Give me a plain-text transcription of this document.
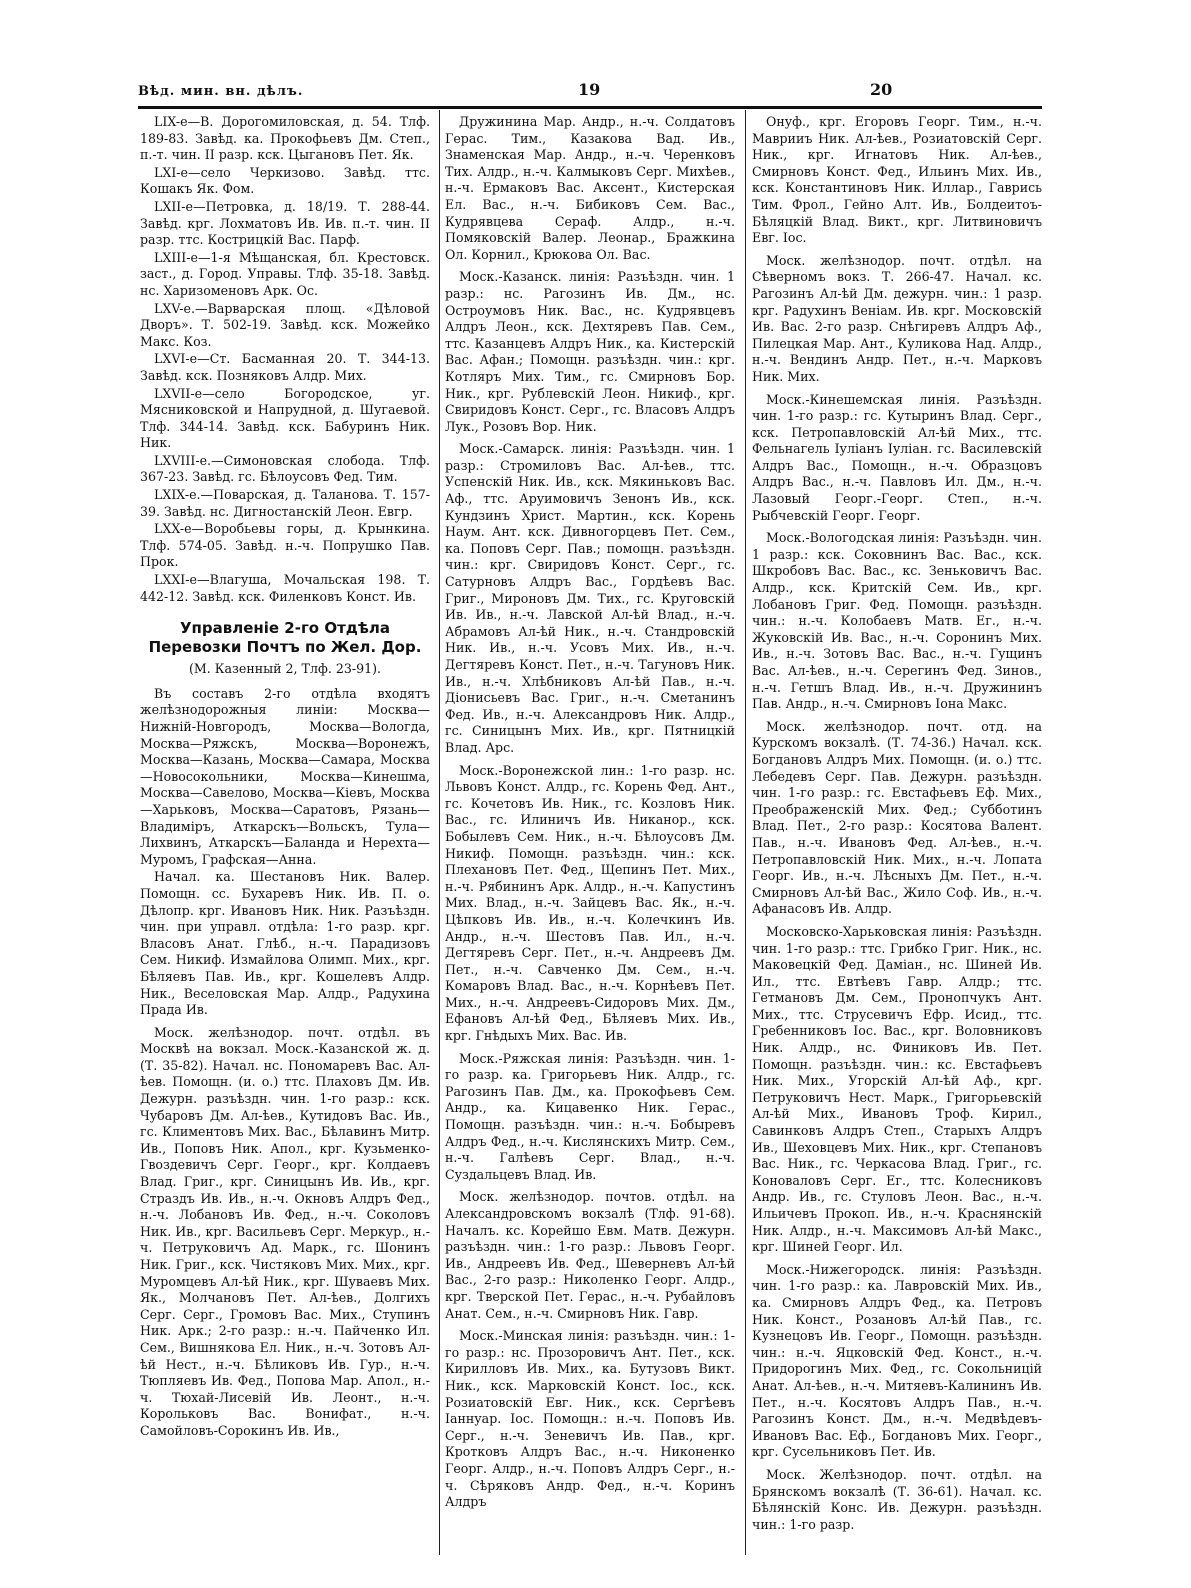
Вѣд. мин. вн. дѣлъ.	19	20
LIX-е—В. Дорогомиловская, д. 54. Тлф. 189-83. Завѣд. ка. Прокофьевъ Дм. Степ., п.-т. чин. II разр. кск. Цыгановъ Пет. Як.
LXI-е—село Черкизово. Завѣд. ттс. Кошакъ Як. Фом.
LXII-е—Петровка, д. 18/19. Т. 288-44. Завѣд. крг. Лохматовъ Ив. Ив. п.-т. чин. II разр. ттс. Кострицкій Вас. Парф.
LXIII-е—1-я Мѣщанская, бл. Крестовск. заст., д. Город. Управы. Тлф. 35-18. Завѣд. нс. Харизоменовъ Арк. Ос.
LXV-е.—Варварская площ. «Дѣловой Дворъ». Т. 502-19. Завѣд. кск. Можейко Макс. Коз.
LXVI-е—Ст. Басманная 20. Т. 344-13. Завѣд. кск. Позняковъ Алдр. Мих.
LXVII-е—село Богородское, уг. Мясниковской и Напрудной, д. Шугаевой. Тлф. 344-14. Завѣд. кск. Бабуринъ Ник. Ник.
LXVIII-е.—Симоновская слобода. Тлф. 367-23. Завѣд. гс. Бѣлоусовъ Фед. Тим.
LXIX-е.—Поварская, д. Таланова. Т. 157-39. Завѣд. нс. Дигностанскій Леон. Евгр.
LXX-е—Воробьевы горы, д. Крынкина. Тлф. 574-05. Завѣд. н.-ч. Попрушко Пав. Прок.
LXXI-е—Влагуша, Мочальская 198. Т. 442-12. Завѣд. кск. Филенковъ Конст. Ив.
Управленіе 2-го Отдѣла Перевозки Почтъ по Жел. Дор.
(М. Казенный 2, Тлф. 23-91).
Въ составъ 2-го отдѣла входятъ желѣзнодорожныя линіи: Москва—Нижній-Новгородъ, Москва—Вологда, Москва—Ряжскъ, Москва—Воронежъ, Москва—Казань, Москва—Самара, Москва—Новосокольники, Москва—Кинешма, Москва—Савелово, Москва—Кіевъ, Москва—Харьковъ, Москва—Саратовъ, Рязань—Владиміръ, Аткарскъ—Вольскъ, Тула—Лихвинъ, Аткарскъ—Баланда и Нерехта—Муромъ, Графская—Анна.
Начал. ка. Шестановъ Ник. Валер. Помощн. сс. Бухаревъ Ник. Ив. П. о. Дѣлопр. крг. Ивановъ Ник. Ник. Разъѣздн. чин. при управл. отдѣла: 1-го разр. крг. Власовъ Анат. Глѣб., н.-ч. Парадизовъ Сем. Никиф. Измайлова Олимп. Мих., крг. Бѣляевъ Пав. Ив., крг. Кошелевъ Алдр. Ник., Веселовская Мар. Алдр., Радухина Прада Ив.
Моск. желѣзнодор. почт. отдѣл. въ Москвѣ на вокзал. Моск.-Казанской ж. д. (Т. 35-82). Начал. нс. Пономаревъ Вас. Ал-ѣев. Помощн. (и. о.) ттс. Плаховъ Дм. Ив. Дежурн. разъѣздн. чин. 1-го разр.: кск. Чубаровъ Дм. Ал-ѣев., Кутидовъ Вас. Ив., гс. Климентовъ Мих. Вас., Бѣлавинъ Митр. Ив., Поповъ Ник. Апол., крг. Кузьменко-Гвоздевичъ Серг. Георг., крг. Колдаевъ Влад. Григ., крг. Синицынъ Ив. Ив., крг. Страздъ Ив. Ив., н.-ч. Окновъ Алдръ Фед., н.-ч. Лобановъ Ив. Фед., н.-ч. Соколовъ Ник. Ив., крг. Васильевъ Серг. Меркур., н.-ч. Петруковичъ Ад. Марк., гс. Шонинъ Ник. Григ., кск. Чистяковъ Мих. Мих., крг. Муромцевъ Ал-ѣй Ник., крг. Шуваевъ Мих. Як., Молчановъ Пет. Ал-ѣев., Долгихъ Серг. Серг., Громовъ Вас. Мих., Ступинъ Ник. Арк.; 2-го разр.: н.-ч. Пайченко Ил. Сем., Вишнякова Ел. Ник., н.-ч. Зотовъ Ал-ѣй Нест., н.-ч. Бѣликовъ Ив. Гур., н.-ч. Тюпляевъ Ив. Фед., Попова Мар. Апол., н.-ч. Тюхай-Лисевій Ив. Леонт., н.-ч. Корольковъ Вас. Вонифат., н.-ч. Самойловъ-Сорокинъ Ив. Ив.,
Дружинина Мар. Андр., н.-ч. Солдатовъ Герас. Тим., Казакова Вад. Ив., Знаменская Мар. Андр., н.-ч. Черенковъ Тих. Алдр., н.-ч. Калмыковъ Серг. Михѣев., н.-ч. Ермаковъ Вас. Аксент., Кистерская Ел. Вас., н.-ч. Бибиковъ Сем. Вас., Кудрявцева Сераф. Алдр., н.-ч. Помяковскій Валер. Леонар., Бражкина Ол. Корнил., Крюкова Ол. Вас.
Моск.-Казанск. линія: Разъѣздн. чин. 1 разр.: нс. Рагозинъ Ив. Дм., нс. Остроумовъ Ник. Вас., нс. Кудрявцевъ Алдръ Леон., кск. Дехтяревъ Пав. Сем., ттс. Казанцевъ Алдръ Ник., ка. Кистерскій Вас. Афан.; Помощн. разъѣздн. чин.: крг. Котляръ Мих. Тим., гс. Смирновъ Бор. Ник., крг. Рублевскій Леон. Никиф., крг. Свиридовъ Конст. Серг., гс. Власовъ Алдръ Лук., Розовъ Вор. Ник.
Моск.-Самарск. линія: Разъѣздн. чин. 1 разр.: Стромиловъ Вас. Ал-ѣев., ттс. Успенскій Ник. Ив., кск. Мякиньковъ Вас. Аф., ттс. Аруимовичъ Зенонъ Ив., кск. Кундзинъ Христ. Мартин., кск. Корень Наум. Ант. кск. Дивногорцевъ Пет. Сем., ка. Поповъ Серг. Пав.; помощн. разъѣздн. чин.: крг. Свиридовъ Конст. Серг., гс. Сатурновъ Алдръ Вас., Гордѣевъ Вас. Григ., Мироновъ Дм. Тих., гс. Круговскій Ив. Ив., н.-ч. Лавской Ал-ѣй Влад., н.-ч. Абрамовъ Ал-ѣй Ник., н.-ч. Стандровскій Ник. Ив., н.-ч. Усовъ Мих. Ив., н.-ч. Дегтяревъ Конст. Пет., н.-ч. Тагуновъ Ник. Ив., н.-ч. Хлѣбниковъ Ал-ѣй Пав., н.-ч. Діонисьевъ Вас. Григ., н.-ч. Сметанинъ Фед. Ив., н.-ч. Александровъ Ник. Алдр., гс. Синицынъ Мих. Ив., крг. Пятницкій Влад. Арс.
Моск.-Воронежской лин.: 1-го разр. нс. Львовъ Конст. Алдр., гс. Корень Фед. Ант., гс. Кочетовъ Ив. Ник., гс. Козловъ Ник. Вас., гс. Илиничъ Ив. Никанор., кск. Бобылевъ Сем. Ник., н.-ч. Бѣлоусовъ Дм. Никиф. Помощн. разъѣздн. чин.: кск. Плехановъ Пет. Фед., Щепинъ Пет. Мих., н.-ч. Рябининъ Арк. Алдр., н.-ч. Капустинъ Мих. Влад., н.-ч. Зайцевъ Вас. Як., н.-ч. Цѣпковъ Ив. Ив., н.-ч. Колечкинъ Ив. Андр., н.-ч. Шестовъ Пав. Ил., н.-ч. Дегтяревъ Серг. Пет., н.-ч. Андреевъ Дм. Пет., н.-ч. Савченко Дм. Сем., н.-ч. Комаровъ Влад. Вас., н.-ч. Корнѣевъ Пет. Мих., н.-ч. Андреевъ-Сидоровъ Мих. Дм., Ефановъ Ал-ѣй Фед., Бѣляевъ Мих. Ив., крг. Гнѣдыхъ Мих. Вас. Ив.
Моск.-Ряжская линія: Разъѣздн. чин. 1-го разр. ка. Григорьевъ Ник. Алдр., гс. Рагозинъ Пав. Дм., ка. Прокофьевъ Сем. Андр., ка. Кицавенко Ник. Герас., Помощн. разъѣздн. чин.: н.-ч. Бобыревъ Алдръ Фед., н.-ч. Кислянскихъ Митр. Сем., н.-ч. Галѣевъ Серг. Влад., н.-ч. Суздальцевъ Влад. Ив.
Моск. желѣзнодор. почтов. отдѣл. на Александровскомъ вокзалѣ (Тлф. 91-68). Началъ. кс. Корейшо Евм. Матв. Дежурн. разъѣздн. чин.: 1-го разр.: Львовъ Георг. Ив., Андреевъ Ив. Фед., Шеверневъ Ал-ѣй Вас., 2-го разр.: Николенко Георг. Алдр., крг. Тверской Пет. Герас., н.-ч. Рубайловъ Анат. Сем., н.-ч. Смирновъ Ник. Гавр.
Моск.-Минская линія: разъѣздн. чин.: 1-го разр.: нс. Прозоровичъ Ант. Пет., кск. Кирилловъ Ив. Мих., ка. Бутузовъ Викт. Ник., кск. Марковскій Конст. Іос., кск. Розиатовскій Евг. Ник., кск. Сергѣевъ Іаннуар. Іос. Помощн.: н.-ч. Поповъ Ив. Серг., н.-ч. Зеневичъ Ив. Пав., крг. Кротковъ Алдръ Вас., н.-ч. Никоненко Георг. Алдр., н.-ч. Поповъ Алдръ Серг., н.-ч. Сѣряковъ Андр. Фед., н.-ч. Коринъ Алдръ
Онуф., крг. Егоровъ Георг. Тим., н.-ч. Маврииъ Ник. Ал-ѣев., Розиатовскій Серг. Ник., крг. Игнатовъ Ник. Ал-ѣев., Смирновъ Конст. Фед., Ильинъ Мих. Ив., кск. Константиновъ Ник. Иллар., Гаврись Тим. Фрол., Гейно Алт. Ив., Болдеитоъ-Бѣляцкій Влад. Викт., крг. Литвиновичъ Евг. Іос.
Моск. желѣзнодор. почт. отдѣл. на Сѣверномъ вокз. Т. 266-47. Начал. кс. Рагозинъ Ал-ѣй Дм. дежурн. чин.: 1 разр. крг. Радухинъ Веніам. Ив. крг. Московскій Ив. Вас. 2-го разр. Снѣгиревъ Алдръ Аф., Пилецкая Мар. Ант., Куликова Над. Алдр., н.-ч. Вендинъ Андр. Пет., н.-ч. Марковъ Ник. Мих.
Моск.-Кинешемская линія. Разъѣздн. чин. 1-го разр.: гс. Кутыринъ Влад. Серг., кск. Петропавловскій Ал-ѣй Мих., ттс. Фельнагель Іуліанъ Іуліан. гс. Василевскій Алдръ Вас., Помощн., н.-ч. Образцовъ Алдръ Вас., н.-ч. Павловъ Ил. Дм., н.-ч. Лазовый Георг.-Георг. Степ., н.-ч. Рыбчевскій Георг. Георг.
Моск.-Вологодская линія: Разъѣздн. чин. 1 разр.: кск. Соковнинъ Вас. Вас., кск. Шкробовъ Вас. Вас., кс. Зеньковичъ Вас. Алдр., кск. Критскій Сем. Ив., крг. Лобановъ Григ. Фед. Помощн. разъѣздн. чин.: н.-ч. Колобаевъ Матв. Ег., н.-ч. Жуковскій Ив. Вас., н.-ч. Соронинъ Мих. Ив., н.-ч. Зотовъ Вас. Вас., н.-ч. Гущинъ Вас. Ал-ѣев., н.-ч. Серегинъ Фед. Зинов., н.-ч. Гетшъ Влад. Ив., н.-ч. Дружининъ Пав. Андр., н.-ч. Смирновъ Іона Макс.
Моск. желѣзнодор. почт. отд. на Курскомъ вокзалѣ. (Т. 74-36.) Начал. кск. Богдановъ Алдръ Мих. Помощн. (и. о.) ттс. Лебедевъ Серг. Пав. Дежурн. разъѣздн. чин. 1-го разр.: гс. Евстафьевъ Еф. Мих., Преображенскій Мих. Фед.; Субботинъ Влад. Пет., 2-го разр.: Косятова Валент. Пав., н.-ч. Ивановъ Фед. Ал-ѣев., н.-ч. Петропавловскій Ник. Мих., н.-ч. Лопата Георг. Ив., н.-ч. Лѣсныхъ Дм. Пет., н.-ч. Смирновъ Ал-ѣй Вас., Жило Соф. Ив., н.-ч. Афанасовъ Ив. Алдр.
Московско-Харьковская линія: Разъѣздн. чин. 1-го разр.: ттс. Грибко Григ. Ник., нс. Маковецкій Фед. Даміан., нс. Шиней Ив. Ил., ттс. Евтѣевъ Гавр. Алдр.; ттс. Гетмановъ Дм. Сем., Пронопчукъ Ант. Мих., ттс. Струсевичъ Ефр. Исид., ттс. Гребенниковъ Іос. Вас., крг. Воловниковъ Ник. Алдр., нс. Финиковъ Ив. Пет. Помощн. разъѣздн. чин.: кс. Евстафьевъ Ник. Мих., Угорскій Ал-ѣй Аф., крг. Петруковичъ Нест. Марк., Григорьевскій Ал-ѣй Мих., Ивановъ Троф. Кирил., Савинковъ Алдръ Степ., Старыхъ Алдръ Ив., Шеховцевъ Мих. Ник., крг. Степановъ Вас. Ник., гс. Черкасова Влад. Григ., гс. Коноваловъ Серг. Ег., ттс. Колесниковъ Андр. Ив., гс. Стуловъ Леон. Вас., н.-ч. Ильичевъ Прокоп. Ив., н.-ч. Краснянскій Ник. Алдр., н.-ч. Максимовъ Ал-ѣй Макс., крг. Шиней Георг. Ил.
Моск.-Нижегородск. линія: Разъѣздн. чин. 1-го разр.: ка. Лавровскій Мих. Ив., ка. Смирновъ Алдръ Фед., ка. Петровъ Ник. Конст., Розановъ Ал-ѣй Пав., гс. Кузнецовъ Ив. Георг., Помощн. разъѣздн. чин.: н.-ч. Яцковскій Фед. Конст., н.-ч. Придорогинъ Мих. Фед., гс. Сокольницій Анат. Ал-ѣев., н.-ч. Митяевъ-Калининъ Ив. Пет., н.-ч. Косятовъ Алдръ Пав., н.-ч. Рагозинъ Конст. Дм., н.-ч. Медвѣдевъ-Ивановъ Вас. Еф., Богдановъ Мих. Георг., крг. Сусельниковъ Пет. Ив.
Моск. Желѣзнодор. почт. отдѣл. на Брянскомъ вокзалѣ (Т. 36-61). Начал. кс. Бѣлянскій Конс. Ив. Дежурн. разъѣздн. чин.: 1-го разр.
